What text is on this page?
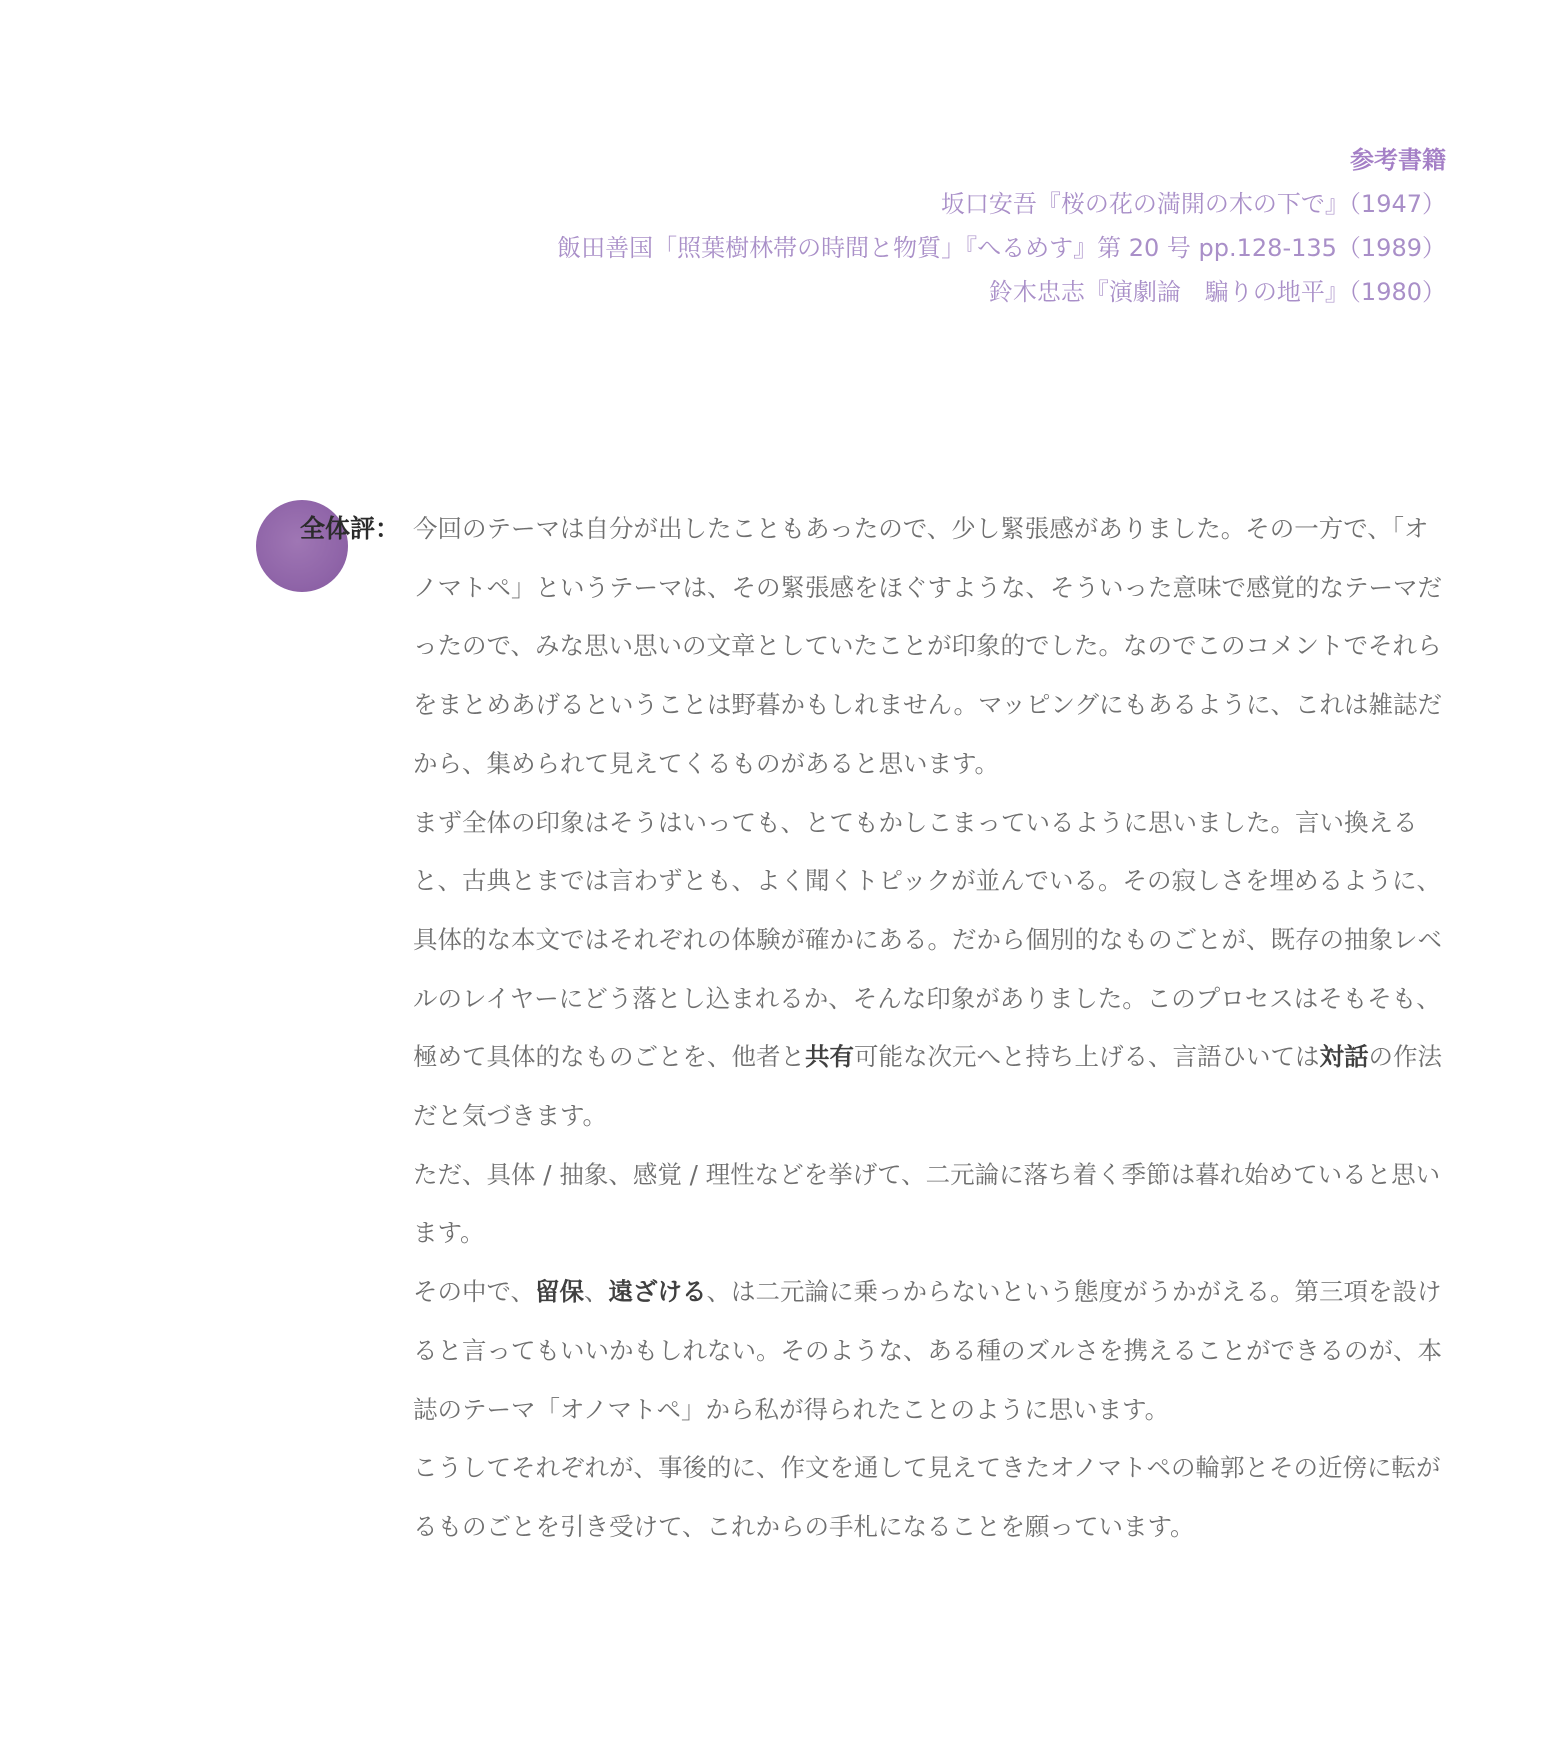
参考書籍
坂口安吾『桜の花の満開の木の下で』（1947）
飯田善国「照葉樹林帯の時間と物質」『へるめす』第 20 号 pp.128-135（1989）
鈴木忠志『演劇論　騙りの地平』（1980）
全体評： 今回のテーマは自分が出したこともあったので、少し緊張感がありました。その一方で、「オノマトペ」というテーマは、その緊張感をほぐすような、そういった意味で感覚的なテーマだったので、みな思い思いの文章としていたことが印象的でした。なのでこのコメントでそれらをまとめあげるということは野暮かもしれません。マッピングにもあるように、これは雑誌だから、集められて見えてくるものがあると思います。

まず全体の印象はそうはいっても、とてもかしこまっているように思いました。言い換えると、古典とまでは言わずとも、よく聞くトピックが並んでいる。その寂しさを埋めるように、具体的な本文ではそれぞれの体験が確かにある。だから個別的なものごとが、既存の抽象レベルのレイヤーにどう落とし込まれるか、そんな印象がありました。このプロセスはそもそも、極めて具体的なものごとを、他者と共有可能な次元へと持ち上げる、言語ひいては対話の作法だと気づきます。

ただ、具体 / 抽象、感覚 / 理性などを挙げて、二元論に落ち着く季節は暮れ始めていると思います。

その中で、留保、遠ざける、は二元論に乗っからないという態度がうかがえる。第三項を設けると言ってもいいかもしれない。そのような、ある種のズルさを携えることができるのが、本誌のテーマ「オノマトペ」から私が得られたことのように思います。

こうしてそれぞれが、事後的に、作文を通して見えてきたオノマトペの輪郭とその近傍に転がるものごとを引き受けて、これからの手札になることを願っています。
